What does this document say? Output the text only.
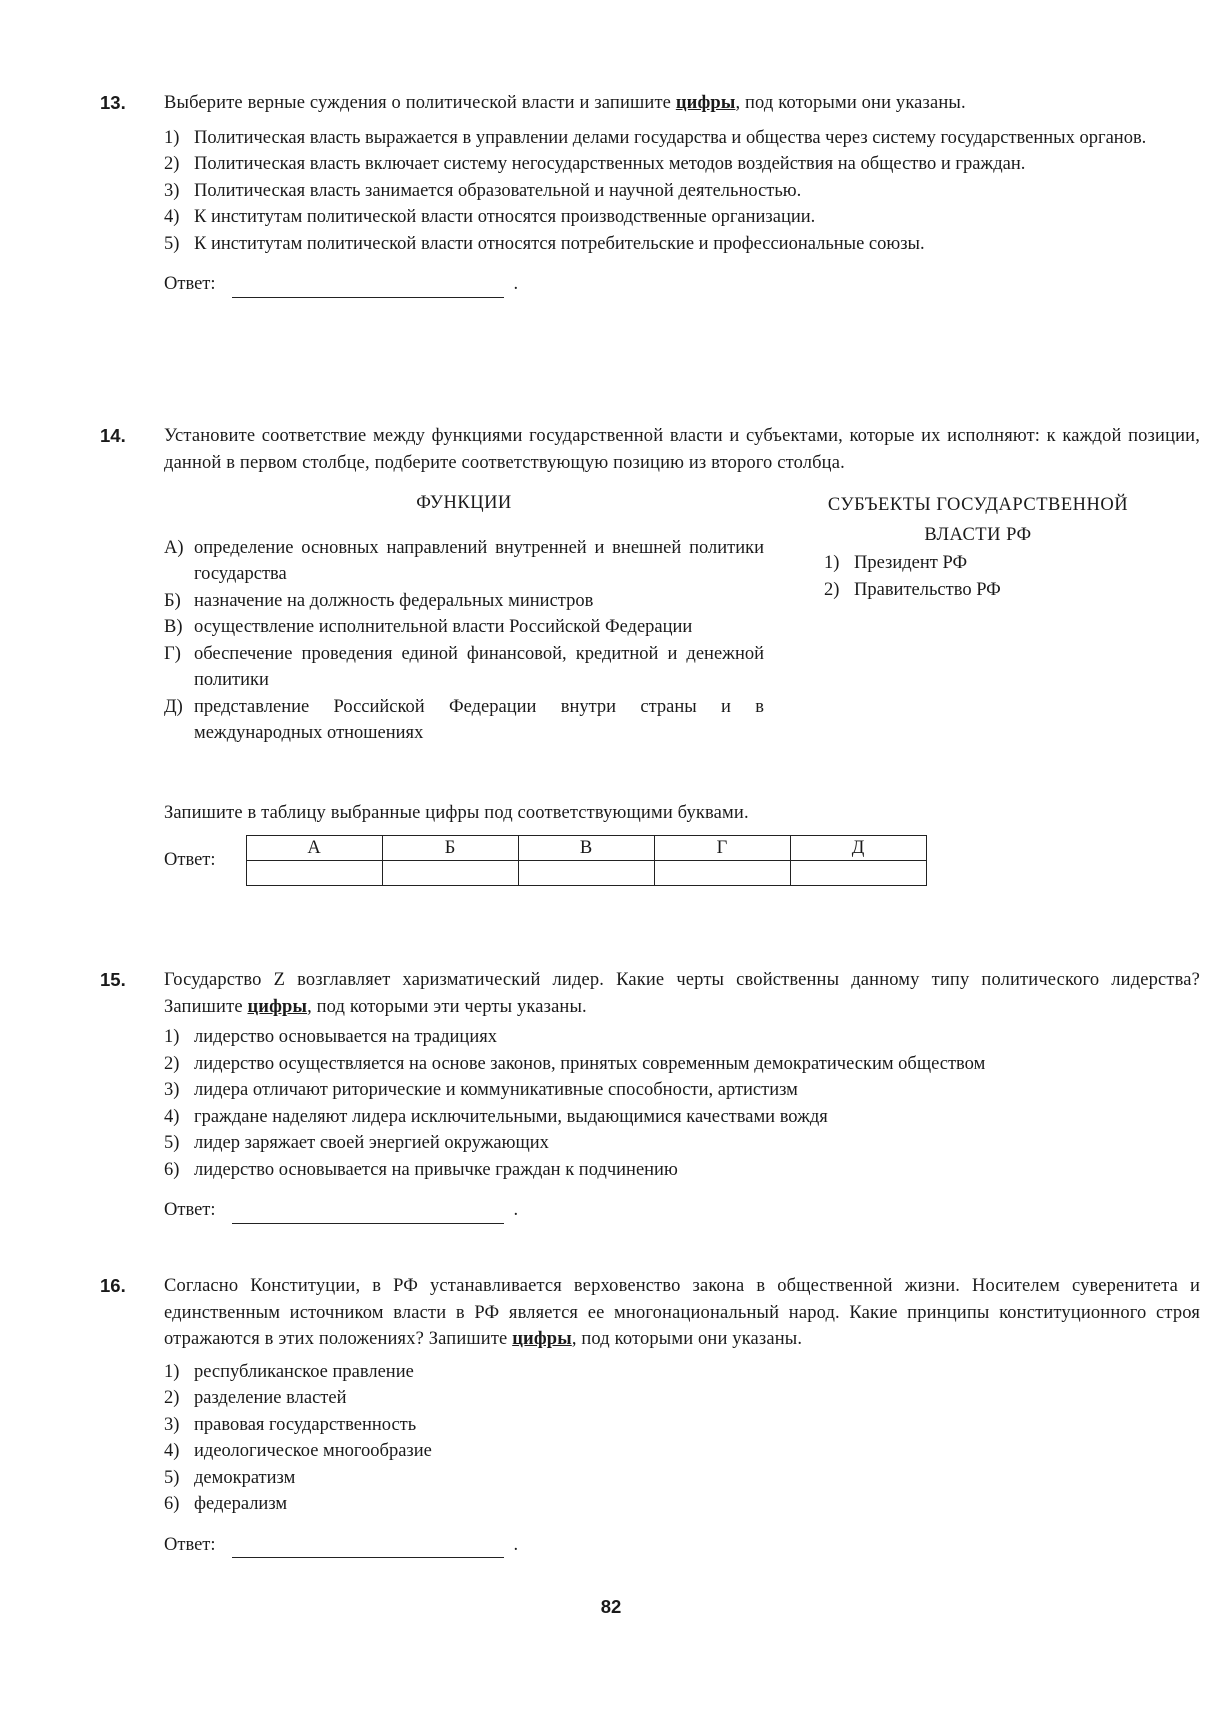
13. Выберите верные суждения о политической власти и запишите цифры, под которыми они указаны.
1) Политическая власть выражается в управлении делами государства и общества через систему государственных органов.
2) Политическая власть включает систему негосударственных методов воздействия на общество и граждан.
3) Политическая власть занимается образовательной и научной деятельностью.
4) К институтам политической власти относятся производственные организации.
5) К институтам политической власти относятся потребительские и профессиональные союзы.
Ответ:	.
14. Установите соответствие между функциями государственной власти и субъектами, которые их исполняют: к каждой позиции, данной в первом столбце, подберите соответствующую позицию из второго столбца.
ФУНКЦИИ
А) определение основных направлений внутренней и внешней политики государства
Б) назначение на должность федеральных министров
В) осуществление исполнительной власти Российской Федерации
Г) обеспечение проведения единой финансовой, кредитной и денежной политики
Д) представление Российской Федерации внутри страны и в международных отношениях
СУБЪЕКТЫ ГОСУДАРСТВЕННОЙ
ВЛАСТИ РФ
1) Президент РФ
2) Правительство РФ
Запишите в таблицу выбранные цифры под соответствующими буквами.
Ответ:
А	Б	В	Г	Д

15. Государство Z возглавляет харизматический лидер. Какие черты свойственны данному типу политического лидерства? Запишите цифры, под которыми эти черты указаны.
1) лидерство основывается на традициях
2) лидерство осуществляется на основе законов, принятых современным демократическим обществом
3) лидера отличают риторические и коммуникативные способности, артистизм
4) граждане наделяют лидера исключительными, выдающимися качествами вождя
5) лидер заряжает своей энергией окружающих
6) лидерство основывается на привычке граждан к подчинению
Ответ:	.
16. Согласно Конституции, в РФ устанавливается верховенство закона в общественной жизни. Носителем суверенитета и единственным источником власти в РФ является ее многонациональный народ. Какие принципы конституционного строя отражаются в этих положениях? Запишите цифры, под которыми они указаны.
1) республиканское правление
2) разделение властей
3) правовая государственность
4) идеологическое многообразие
5) демократизм
6) федерализм
Ответ:	.
82
